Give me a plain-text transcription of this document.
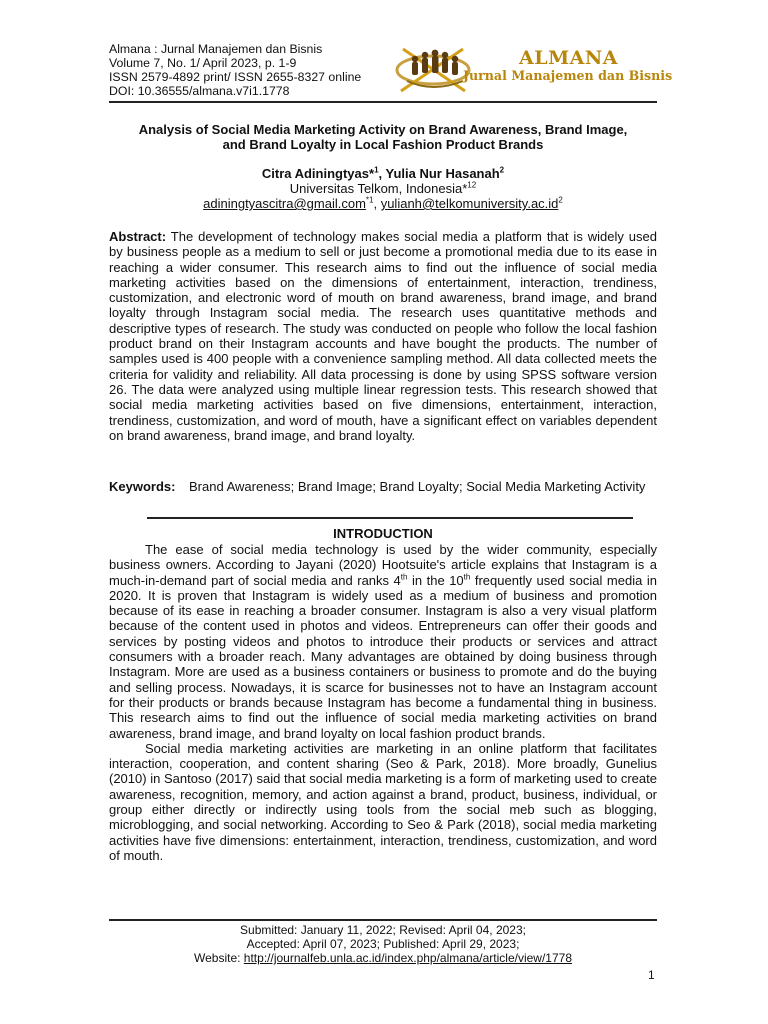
Almana : Jurnal Manajemen dan Bisnis
Volume 7, No. 1/ April 2023, p. 1-9
ISSN 2579-4892 print/ ISSN 2655-8327 online
DOI: 10.36555/almana.v7i1.1778
ALMANA
Jurnal Manajemen dan Bisnis
Analysis of Social Media Marketing Activity on Brand Awareness, Brand Image,
and Brand Loyalty in Local Fashion Product Brands
Citra Adiningtyas*$^1$, Yulia Nur Hasanah$^2$
Universitas Telkom, Indonesia*$^{12}$
adiningtyascitra@gmail.com$^{*1}$, $yulianh@telkomuniversity.ac.id^2$
Abstract: The development of technology makes social media a platform that is widely used by business people as a medium to sell or just become a promotional media due to its ease in reaching a wider consumer. This research aims to find out the influence of social media marketing activities based on the dimensions of entertainment, interaction, trendiness, customization, and electronic word of mouth on brand awareness, brand image, and brand loyalty through Instagram social media. The research uses quantitative methods and descriptive types of research. The study was conducted on people who follow the local fashion product brand on their Instagram accounts and have bought the products. The number of samples used is 400 people with a convenience sampling method. All data collected meets the criteria for validity and reliability. All data processing is done by using SPSS software version 26. The data were analyzed using multiple linear regression tests. This research showed that social media marketing activities based on five dimensions, entertainment, interaction, trendiness, customization, and word of mouth, have a significant effect on variables dependent on brand awareness, brand image, and brand loyalty.
Keywords:	Brand Awareness; Brand Image; Brand Loyalty; Social Media Marketing Activity
INTRODUCTION

The ease of social media technology is used by the wider community, especially business owners. According to Jayani (2020) Hootsuite's article explains that Instagram is a much-in-demand part of social media and ranks 4th in the 10th frequently used social media in 2020. It is proven that Instagram is widely used as a medium of business and promotion because of its ease in reaching a broader consumer. Instagram is also a very visual platform because of the content used in photos and videos. Entrepreneurs can offer their goods and services by posting videos and photos to introduce their products or services and attract consumers with a broader reach. Many advantages are obtained by doing business through Instagram. More are used as a business containers or business to promote and do the buying and selling process. Nowadays, it is scarce for businesses not to have an Instagram account for their products or brands because Instagram has become a fundamental thing in business. This research aims to find out the influence of social media marketing activities on brand awareness, brand image, and brand loyalty on local fashion product brands.

Social media marketing activities are marketing in an online platform that facilitates interaction, cooperation, and content sharing (Seo & Park, 2018). More broadly, Gunelius (2010) in Santoso (2017) said that social media marketing is a form of marketing used to create awareness, recognition, memory, and action against a brand, product, business, individual, or group either directly or indirectly using tools from the social meb such as blogging, microblogging, and social networking. According to Seo & Park (2018), social media marketing activities have five dimensions: entertainment, interaction, trendiness, customization, and word of mouth.

Submitted: January 11, 2022; Revised: April 04, 2023;
Accepted: April 07, 2023; Published: April 29, 2023;
Website: http://journalfeb.unla.ac.id/index.php/almana/article/view/1778
1
